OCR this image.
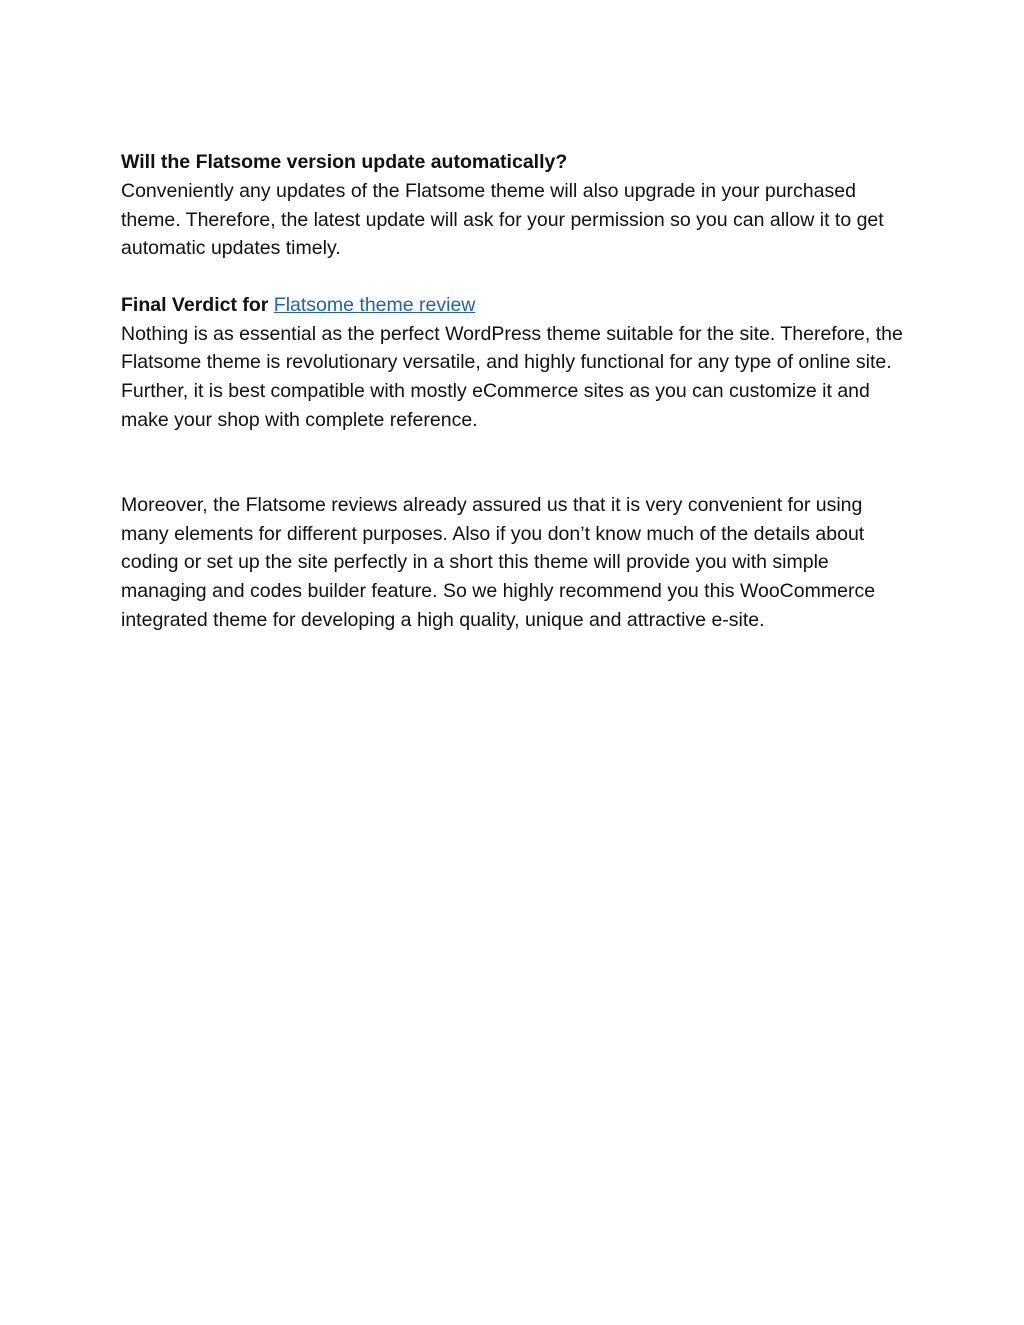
Will the Flatsome version update automatically?

Conveniently any updates of the Flatsome theme will also upgrade in your purchased theme. Therefore, the latest update will ask for your permission so you can allow it to get automatic updates timely.

Final Verdict for Flatsome theme review

Nothing is as essential as the perfect WordPress theme suitable for the site. Therefore, the Flatsome theme is revolutionary versatile, and highly functional for any type of online site. Further, it is best compatible with mostly eCommerce sites as you can customize it and make your shop with complete reference.

Moreover, the Flatsome reviews already assured us that it is very convenient for using many elements for different purposes. Also if you don’t know much of the details about coding or set up the site perfectly in a short this theme will provide you with simple managing and codes builder feature. So we highly recommend you this WooCommerce integrated theme for developing a high quality, unique and attractive e-site.
